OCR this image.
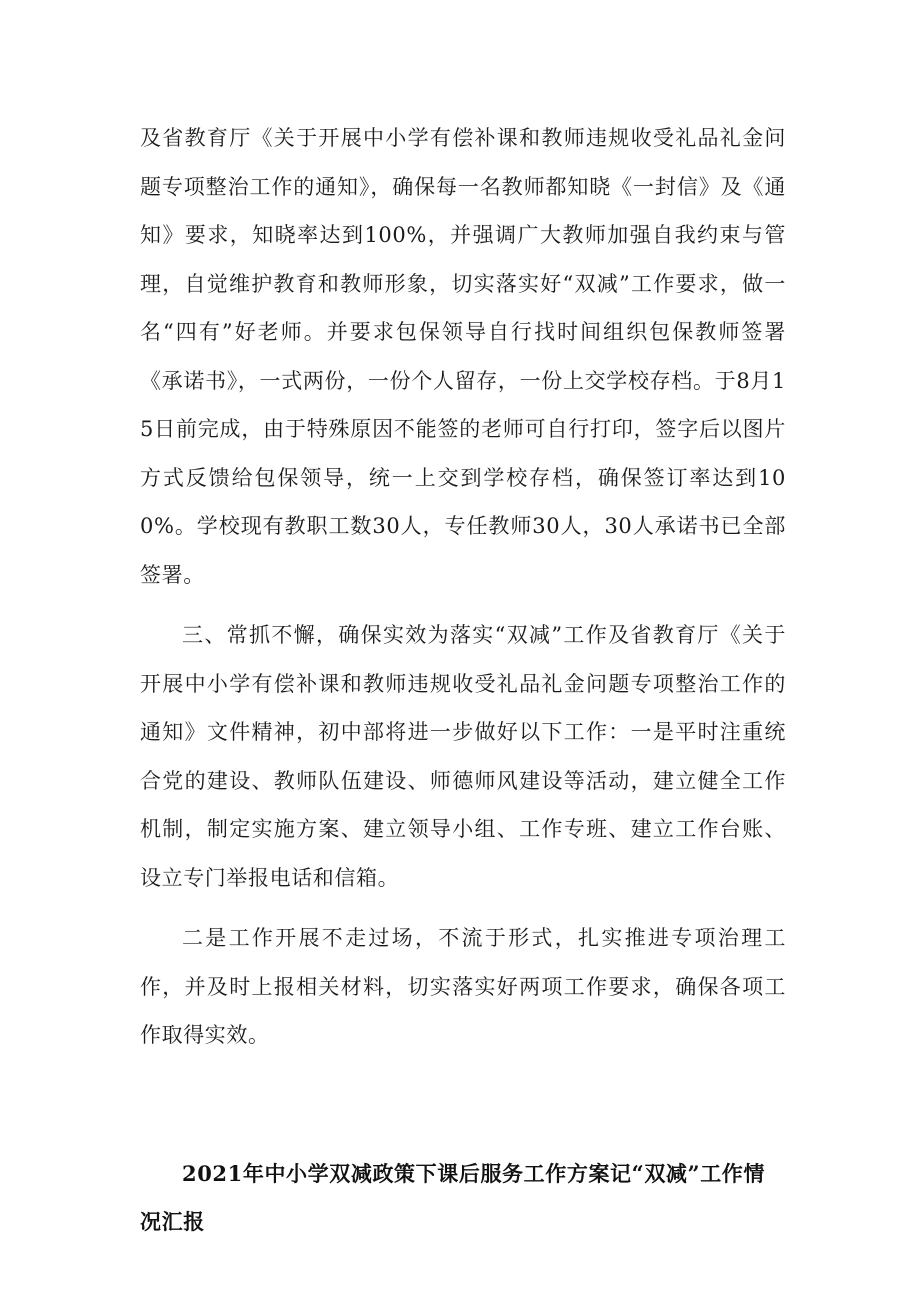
及省教育厅《关于开展中小学有偿补课和教师违规收受礼品礼金问题专项整治工作的通知》，确保每一名教师都知晓《一封信》及《通知》要求，知晓率达到100%，并强调广大教师加强自我约束与管理，自觉维护教育和教师形象，切实落实好“双减”工作要求，做一名“四有”好老师。并要求包保领导自行找时间组织包保教师签署《承诺书》，一式两份，一份个人留存，一份上交学校存档。于8月15日前完成，由于特殊原因不能签的老师可自行打印，签字后以图片方式反馈给包保领导，统一上交到学校存档，确保签订率达到100%。学校现有教职工数30人，专任教师30人，30人承诺书已全部签署。

三、常抓不懈，确保实效为落实“双减”工作及省教育厅《关于开展中小学有偿补课和教师违规收受礼品礼金问题专项整治工作的通知》文件精神，初中部将进一步做好以下工作：一是平时注重统合党的建设、教师队伍建设、师德师风建设等活动，建立健全工作机制，制定实施方案、建立领导小组、工作专班、建立工作台账、设立专门举报电话和信箱。

二是工作开展不走过场，不流于形式，扎实推进专项治理工作，并及时上报相关材料，切实落实好两项工作要求，确保各项工作取得实效。

2021年中小学双减政策下课后服务工作方案记“双减”工作情况汇报
